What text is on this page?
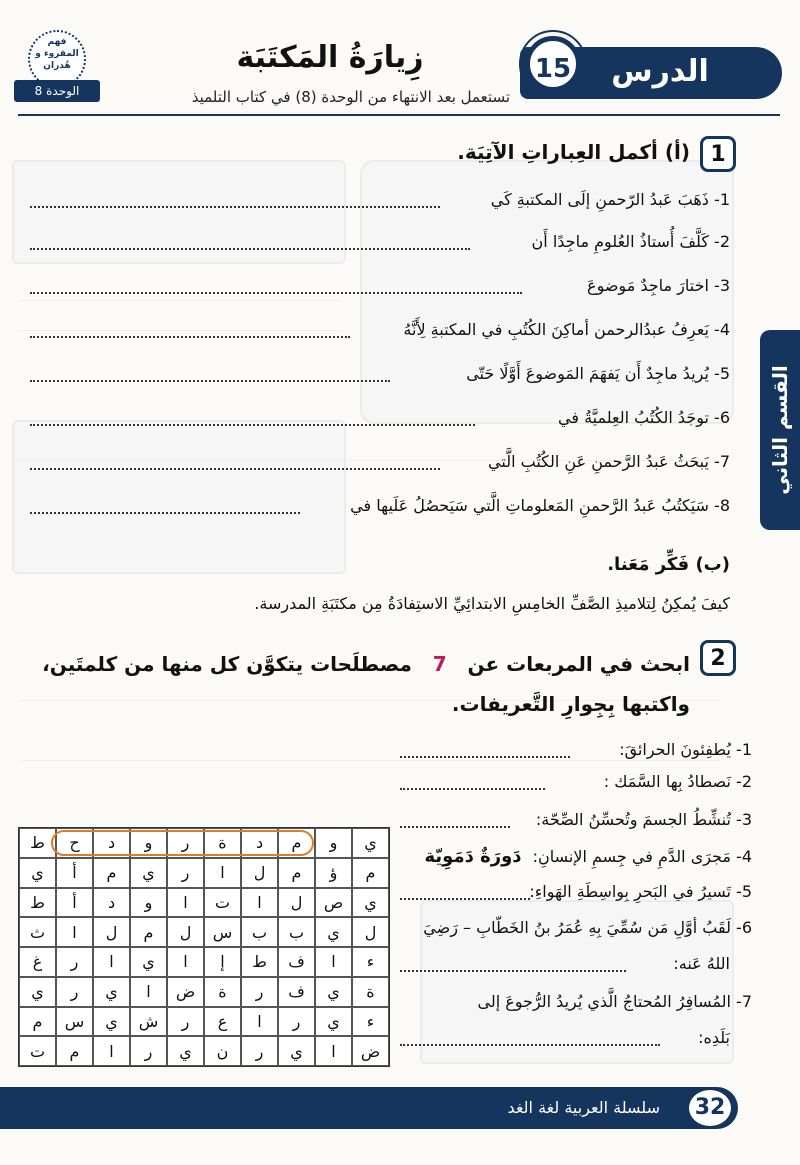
فهم المقروء و هُدران
الوحدة 8
زِيارَةُ المَكتَبَة
تستعمل بعد الانتهاء من الوحدة (8) في كتاب التلميذ
الدرس
15
القسم الثاني
1
(أ) أكمل العِباراتِ الآتِيَة.
1- ذَهَبَ عَبدُ الرّحمنِ إلَى المكتبةِ كَي
2- كَلَّفَ أُستاذُ العُلومِ ماجِدًا أَن
3- اختارَ ماجِدٌ مَوضوعَ
4- يَعرِفُ عبدُالرحمن أماكِنَ الكُتُبِ في المكتبةِ لِأَنَّهُ
5- يُريدُ ماجِدٌ أَن يَفهَمَ المَوضوعَ أَوَّلًا حَتّى
6- توجَدُ الكُتُبُ العِلميَّةُ في
7- يَبحَثُ عَبدُ الرَّحمنِ عَنِ الكُتُبِ الَّتي
8- سَيَكتُبُ عَبدُ الرَّحمنِ المَعلوماتِ الَّتي سَيَحصُلُ عَلَيها في
(ب) فَكِّر مَعَنا.
كيفَ يُمكِنُ لِتلاميذِ الصَّفِّ الخامِسِ الابتدائِيِّ الاستِفادَةُ مِن مكتَبَةِ المدرسة.
2
ابحث في المربعات عن   7   مصطلَحات يتكوَّن كل منها من كلمتَين، واكتبها بِجِوارِ التَّعريفات.
1- يُطفِئونَ الحرائقَ:
2- نَصطادُ بِها السَّمَك :
3- تُنشِّطُ الجسمَ وتُحسِّنُ الصِّحّة:
4- مَجرَى الدَّمِ في جِسمِ الإنسانِ: دَورَةٌ دَمَوِيّة
5- تَسيرُ في البَحرِ بِواسِطَةِ الهَواءِ:
6- لَقَبُ أوَّلِ مَن سُمِّيَ بِهِ عُمَرُ بنُ الخَطّابِ – رَضِيَ
اللهُ عَنه:
7- المُسافِرُ المُحتاجُ الَّذي يُريدُ الرُّجوعَ إلى
بَلَدِه:
ط	ح	د	و	ر	ة	د	م	و	ي
ي	أ	م	ي	ر	ا	ل	م	ؤ	م
ط	أ	د	و	ا	ت	ا	ل	ص	ي
ث	ا	ل	م	ل	س	ب	ب	ي	ل
غ	ر	ا	ي	ا	إ	ط	ف	ا	ء
ي	ر	ي	ا	ض	ة	ر	ف	ي	ة
م	س	ي	ش	ر	ع	ا	ر	ي	ء
ت	م	ا	ر	ي	ن	ر	ي	ا	ض
سلسلة العربية لغة الغد	32
